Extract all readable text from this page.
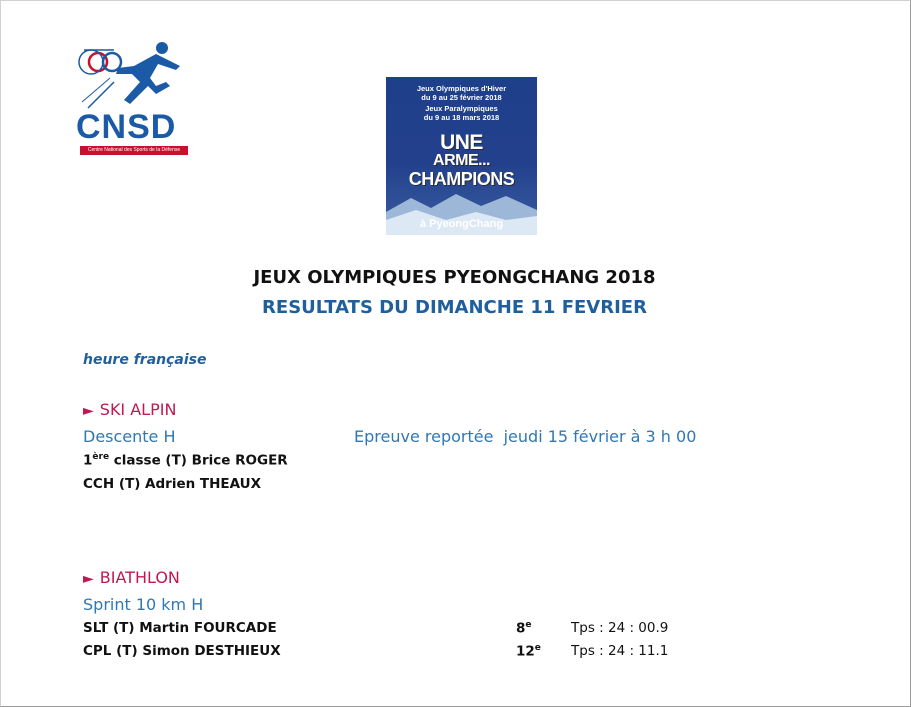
CNSD
Centre National des Sports de la Défense
Jeux Olympiques d'Hiver
du 9 au 25 février 2018
Jeux Paralympiques
du 9 au 18 mars 2018
UNE
ARME...
CHAMPIONS
à PyeongChang
JEUX OLYMPIQUES PYEONGCHANG 2018
RESULTATS DU DIMANCHE 11 FEVRIER
heure française
► SKI ALPIN
Descente H	Epreuve reportée  jeudi 15 février à 3 h 00
1ère classe (T) Brice ROGER
CCH (T) Adrien THEAUX
► BIATHLON
Sprint 10 km H
SLT (T) Martin FOURCADE	8e	Tps : 24 : 00.9
CPL (T) Simon DESTHIEUX	12e Tps : 24 : 11.1
